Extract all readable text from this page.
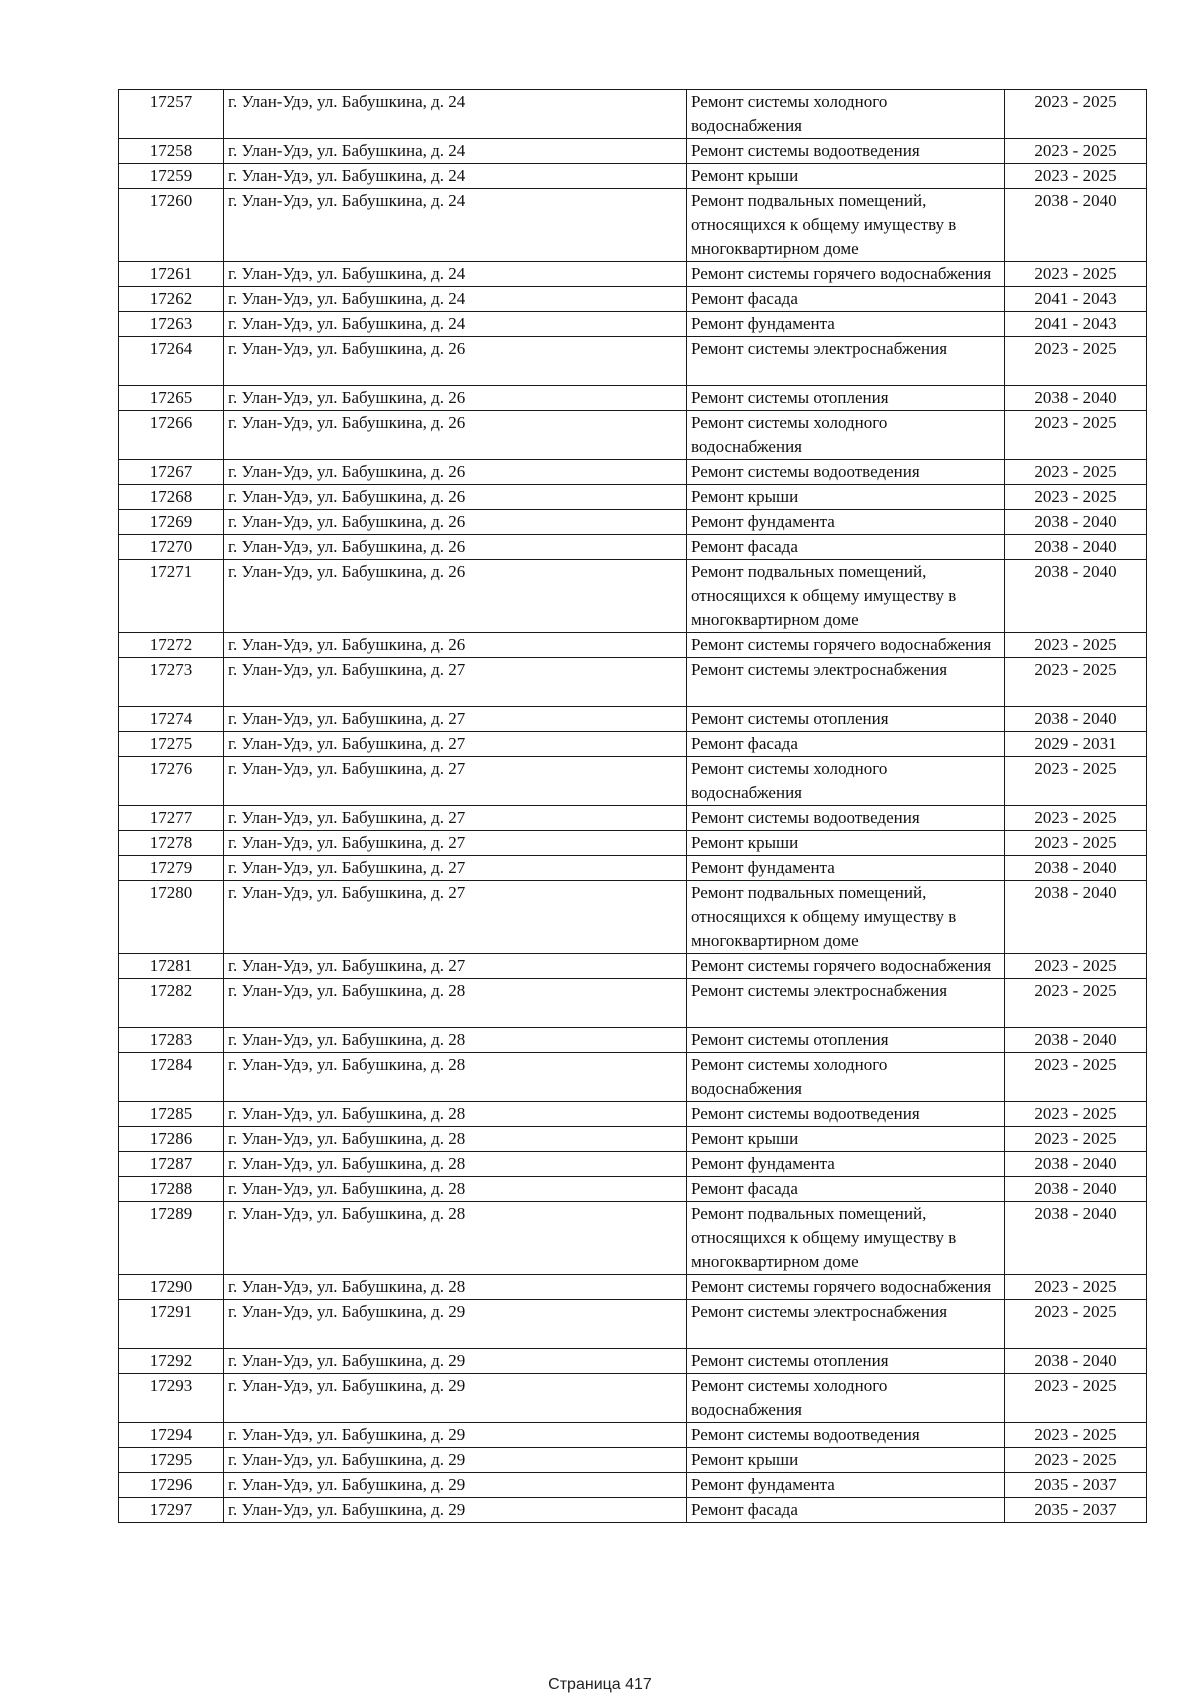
17257	г. Улан-Удэ, ул. Бабушкина, д. 24	Ремонт системы холодного водоснабжения	2023 - 2025
17258	г. Улан-Удэ, ул. Бабушкина, д. 24	Ремонт системы водоотведения	2023 - 2025
17259	г. Улан-Удэ, ул. Бабушкина, д. 24	Ремонт крыши	2023 - 2025
17260	г. Улан-Удэ, ул. Бабушкина, д. 24	Ремонт подвальных помещений, относящихся к общему имуществу в многоквартирном доме	2038 - 2040
17261	г. Улан-Удэ, ул. Бабушкина, д. 24	Ремонт системы горячего водоснабжения	2023 - 2025
17262	г. Улан-Удэ, ул. Бабушкина, д. 24	Ремонт фасада	2041 - 2043
17263	г. Улан-Удэ, ул. Бабушкина, д. 24	Ремонт фундамента	2041 - 2043
17264	г. Улан-Удэ, ул. Бабушкина, д. 26	Ремонт системы электроснабжения	2023 - 2025
17265	г. Улан-Удэ, ул. Бабушкина, д. 26	Ремонт системы отопления	2038 - 2040
17266	г. Улан-Удэ, ул. Бабушкина, д. 26	Ремонт системы холодного водоснабжения	2023 - 2025
17267	г. Улан-Удэ, ул. Бабушкина, д. 26	Ремонт системы водоотведения	2023 - 2025
17268	г. Улан-Удэ, ул. Бабушкина, д. 26	Ремонт крыши	2023 - 2025
17269	г. Улан-Удэ, ул. Бабушкина, д. 26	Ремонт фундамента	2038 - 2040
17270	г. Улан-Удэ, ул. Бабушкина, д. 26	Ремонт фасада	2038 - 2040
17271	г. Улан-Удэ, ул. Бабушкина, д. 26	Ремонт подвальных помещений, относящихся к общему имуществу в многоквартирном доме	2038 - 2040
17272	г. Улан-Удэ, ул. Бабушкина, д. 26	Ремонт системы горячего водоснабжения	2023 - 2025
17273	г. Улан-Удэ, ул. Бабушкина, д. 27	Ремонт системы электроснабжения	2023 - 2025
17274	г. Улан-Удэ, ул. Бабушкина, д. 27	Ремонт системы отопления	2038 - 2040
17275	г. Улан-Удэ, ул. Бабушкина, д. 27	Ремонт фасада	2029 - 2031
17276	г. Улан-Удэ, ул. Бабушкина, д. 27	Ремонт системы холодного водоснабжения	2023 - 2025
17277	г. Улан-Удэ, ул. Бабушкина, д. 27	Ремонт системы водоотведения	2023 - 2025
17278	г. Улан-Удэ, ул. Бабушкина, д. 27	Ремонт крыши	2023 - 2025
17279	г. Улан-Удэ, ул. Бабушкина, д. 27	Ремонт фундамента	2038 - 2040
17280	г. Улан-Удэ, ул. Бабушкина, д. 27	Ремонт подвальных помещений, относящихся к общему имуществу в многоквартирном доме	2038 - 2040
17281	г. Улан-Удэ, ул. Бабушкина, д. 27	Ремонт системы горячего водоснабжения	2023 - 2025
17282	г. Улан-Удэ, ул. Бабушкина, д. 28	Ремонт системы электроснабжения	2023 - 2025
17283	г. Улан-Удэ, ул. Бабушкина, д. 28	Ремонт системы отопления	2038 - 2040
17284	г. Улан-Удэ, ул. Бабушкина, д. 28	Ремонт системы холодного водоснабжения	2023 - 2025
17285	г. Улан-Удэ, ул. Бабушкина, д. 28	Ремонт системы водоотведения	2023 - 2025
17286	г. Улан-Удэ, ул. Бабушкина, д. 28	Ремонт крыши	2023 - 2025
17287	г. Улан-Удэ, ул. Бабушкина, д. 28	Ремонт фундамента	2038 - 2040
17288	г. Улан-Удэ, ул. Бабушкина, д. 28	Ремонт фасада	2038 - 2040
17289	г. Улан-Удэ, ул. Бабушкина, д. 28	Ремонт подвальных помещений, относящихся к общему имуществу в многоквартирном доме	2038 - 2040
17290	г. Улан-Удэ, ул. Бабушкина, д. 28	Ремонт системы горячего водоснабжения	2023 - 2025
17291	г. Улан-Удэ, ул. Бабушкина, д. 29	Ремонт системы электроснабжения	2023 - 2025
17292	г. Улан-Удэ, ул. Бабушкина, д. 29	Ремонт системы отопления	2038 - 2040
17293	г. Улан-Удэ, ул. Бабушкина, д. 29	Ремонт системы холодного водоснабжения	2023 - 2025
17294	г. Улан-Удэ, ул. Бабушкина, д. 29	Ремонт системы водоотведения	2023 - 2025
17295	г. Улан-Удэ, ул. Бабушкина, д. 29	Ремонт крыши	2023 - 2025
17296	г. Улан-Удэ, ул. Бабушкина, д. 29	Ремонт фундамента	2035 - 2037
17297	г. Улан-Удэ, ул. Бабушкина, д. 29	Ремонт фасада	2035 - 2037
Страница 417
